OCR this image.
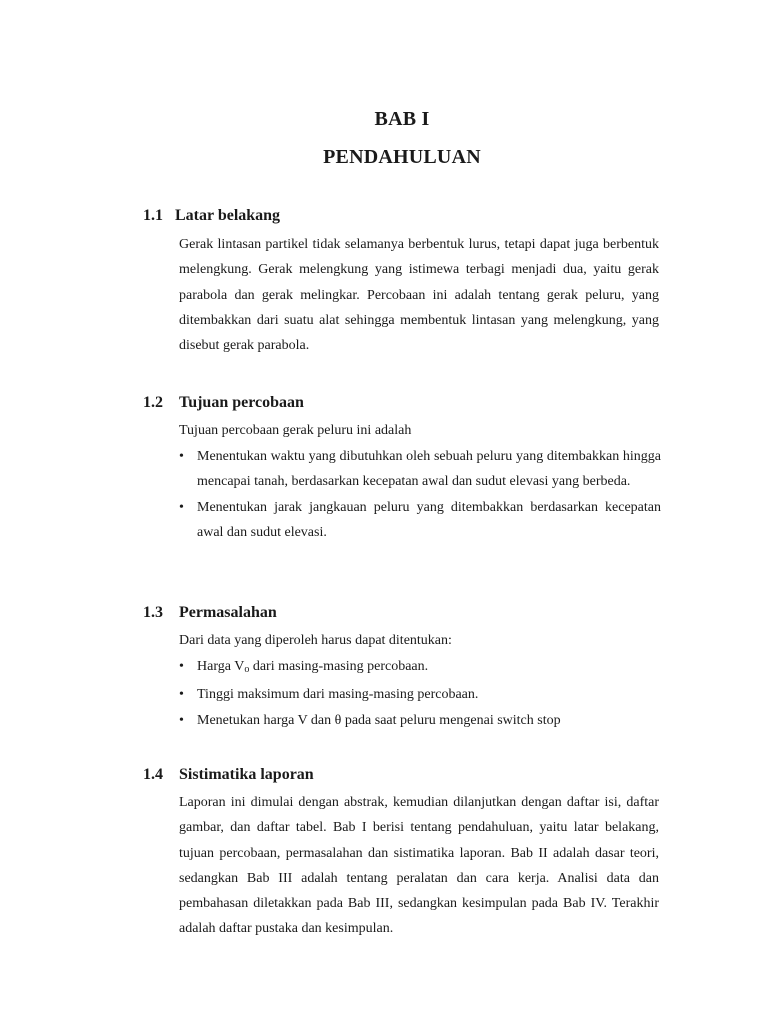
BAB I
PENDAHULUAN
1.1 Latar belakang

Gerak lintasan partikel tidak selamanya berbentuk lurus, tetapi dapat juga berbentuk melengkung. Gerak melengkung yang istimewa terbagi menjadi dua, yaitu gerak parabola dan gerak melingkar. Percobaan ini adalah tentang gerak peluru, yang ditembakkan dari suatu alat sehingga membentuk lintasan yang melengkung, yang disebut gerak parabola.

1.2 Tujuan percobaan

Tujuan percobaan gerak peluru ini adalah

• Menentukan waktu yang dibutuhkan oleh sebuah peluru yang ditembakkan hingga mencapai tanah, berdasarkan kecepatan awal dan sudut elevasi yang berbeda.
• Menentukan jarak jangkauan peluru yang ditembakkan berdasarkan kecepatan awal dan sudut elevasi.
1.3 Permasalahan

Dari data yang diperoleh harus dapat ditentukan:

• Harga $V_o$ dari masing-masing percobaan.
• Tinggi maksimum dari masing-masing percobaan.
• Menetukan harga V dan θ pada saat peluru mengenai switch stop
1.4 Sistimatika laporan

Laporan ini dimulai dengan abstrak, kemudian dilanjutkan dengan daftar isi, daftar gambar, dan daftar tabel. Bab I berisi tentang pendahuluan, yaitu latar belakang, tujuan percobaan, permasalahan dan sistimatika laporan. Bab II adalah dasar teori, sedangkan Bab III adalah tentang peralatan dan cara kerja. Analisi data dan pembahasan diletakkan pada Bab III, sedangkan kesimpulan pada Bab IV. Terakhir adalah daftar pustaka dan kesimpulan.
